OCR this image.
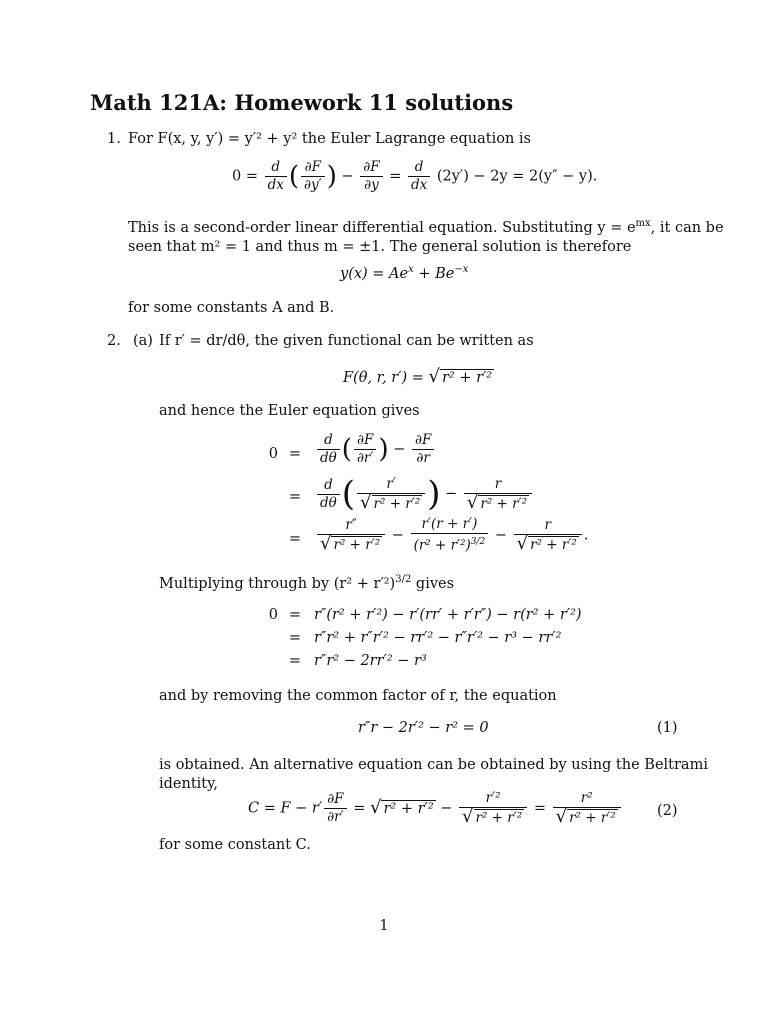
Math 121A: Homework 11 solutions
1. For F(x, y, y′) = y′² + y² the Euler Lagrange equation is
$0 = \frac{d}{dx}$ ( $\frac{\partial F}{\partial y'}$ ) − $\frac{\partial F}{\partial y} = \frac{d}{dx} (2y') - 2y = 2(y'' - y)$.
This is a second-order linear differential equation. Substituting $y = e^{mx}$, it can be
seen that m² = 1 and thus m = ±1. The general solution is therefore
$y(x) = Ae^x + Be^{-x}$
for some constants A and B.
2. (a) If r′ = dr/dθ, the given functional can be written as
F(θ, r, r′) = √ r² + r′²
and hence the Euler equation gives
$0 = \frac{d}{d\theta}$ ( $\frac{\partial F}{\partial r'}$ ) − $\frac{\partial F}{\partial r}$
= $\frac{d}{d\theta}$ ( $\frac{r'}{\text{√ r² + r′²}}$ ) − $\frac{r}{\text{√ r² + r′²}}$
= $\frac{r''}{\text{√ r² + r′²}} - \frac{r'(r + r')}{(r^2 + r'^2)^{3/2}} - \frac{r}{\text{√ r² + r′²}}$ .
Multiplying through by $(r^2 + r'^2)^{3/2}$ gives
0 = r″(r² + r′²) − r′(rr′ + r′r″) − r(r² + r′²)
= r″r² + r″r′² − rr′² − r″r′² − r³ − rr′²
= r″r² − 2rr′² − r³
and by removing the common factor of r, the equation
r″r − 2r′² − r² = 0	(1)
is obtained. An alternative equation can be obtained by using the Beltrami
identity,
$C = F - r' \frac{\partial F}{\partial r'}$ = √ $r^2 + r'^2 - \frac{\text{r′²}}{\text{√ r² + r′²}} = \frac{\text{r²}}{\text{√ r² + r′²}} (2)$
for some constant C.
1
